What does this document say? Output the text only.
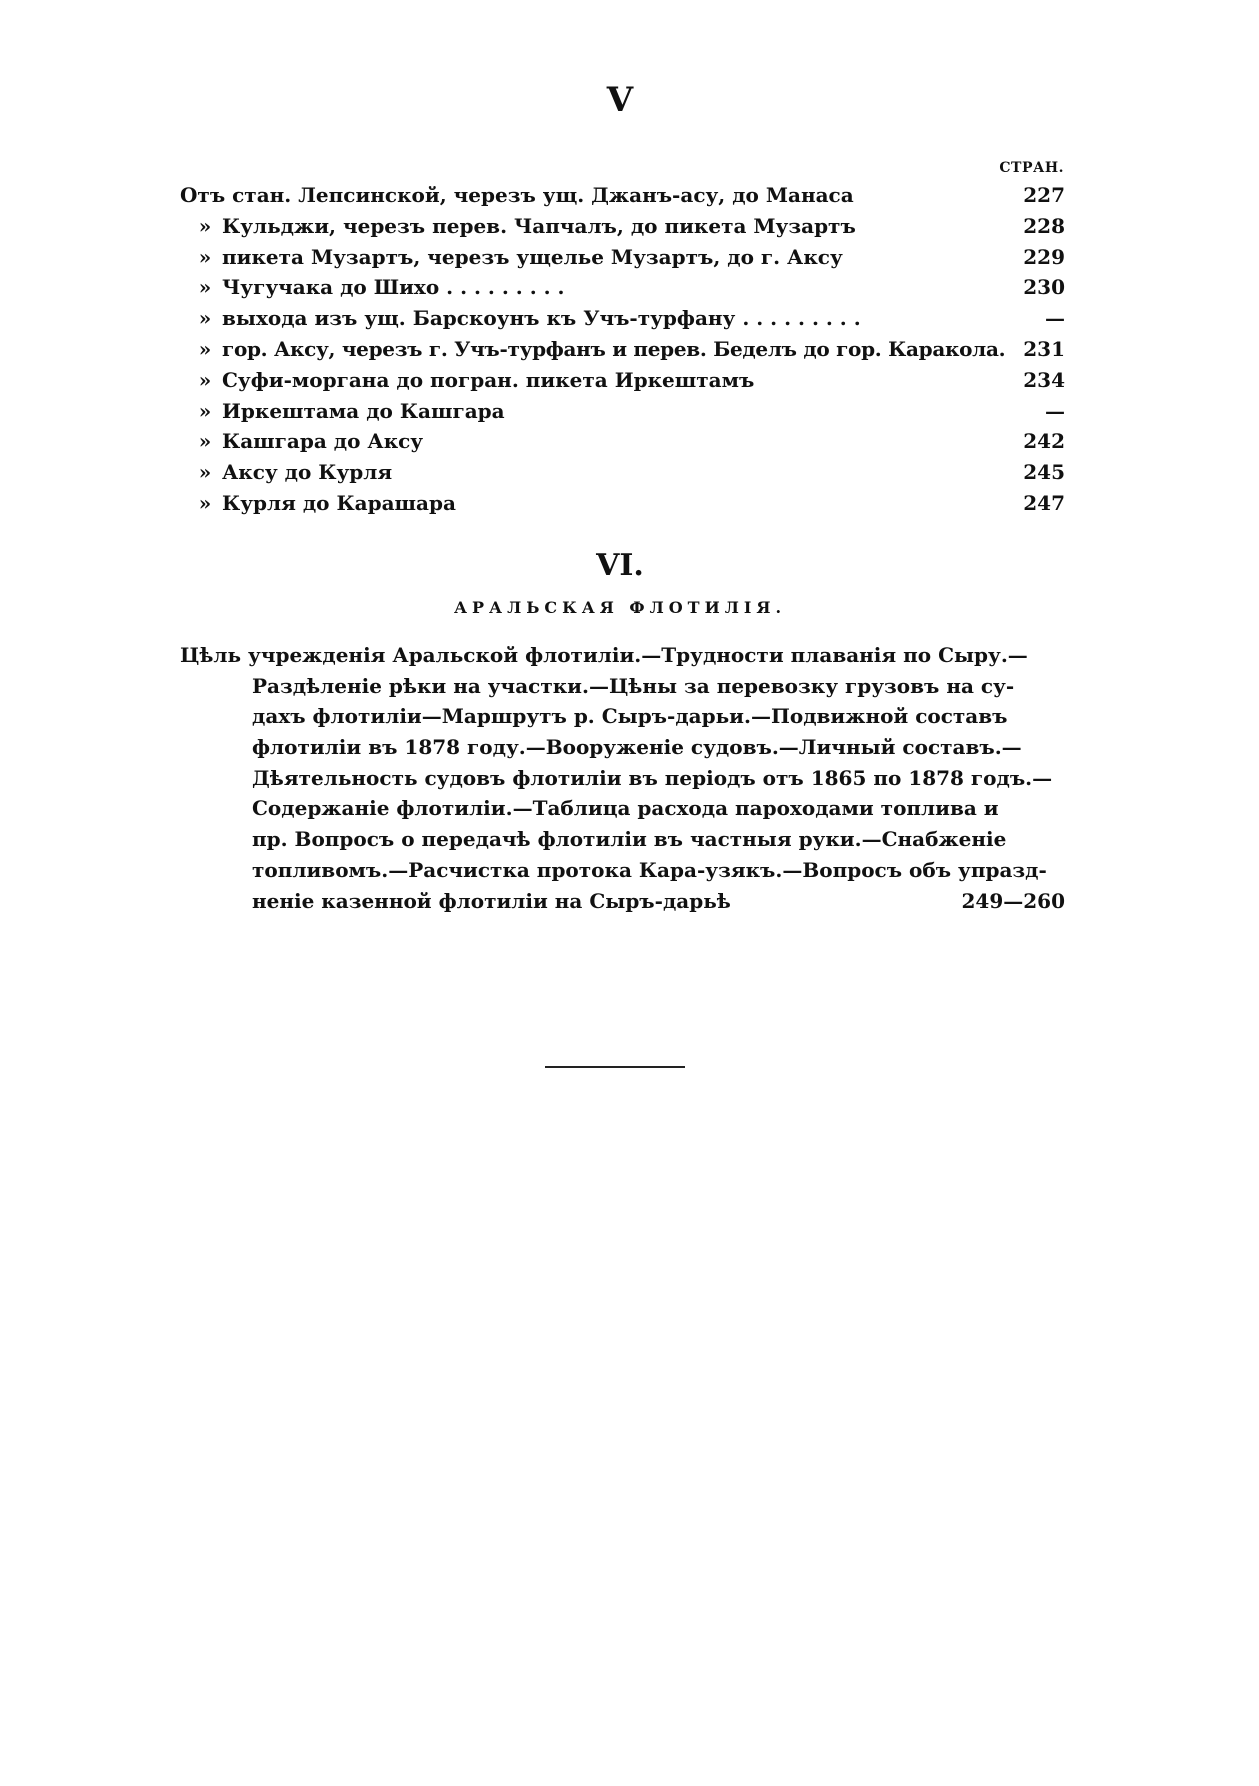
V
СТРАН.
Отъ стан. Лепсинской, черезъ ущ. Джанъ-асу, до Манаса	227
» Кульджи, черезъ перев. Чапчалъ, до пикета Музартъ	228
» пикета Музартъ, черезъ ущелье Музартъ, до г. Аксу	229
» Чугучака до Шихо . . . . . . . . .	230
» выхода изъ ущ. Барскоунъ къ Учъ-турфану . . . . . . . . .	—
» гор. Аксу, черезъ г. Учъ-турфанъ и перев. Беделъ до гор. Каракола. 231
» Суфи-моргана до погран. пикета Иркештамъ	234
» Иркештама до Кашгара	—
» Кашгара до Аксу	242
» Аксу до Курля	245
» Курля до Карашара	247
VI.
АРАЛЬСКАЯ ФЛОТИЛІЯ.
Цѣль учрежденія Аральской флотиліи.—Трудности плаванія по Сыру.—
Раздѣленіе рѣки на участки.—Цѣны за перевозку грузовъ на су-
дахъ флотиліи—Маршрутъ р. Сыръ-дарьи.—Подвижной составъ
флотиліи въ 1878 году.—Вооруженіе судовъ.—Личный составъ.—
Дѣятельность судовъ флотиліи въ періодъ отъ 1865 по 1878 годъ.—
Содержаніе флотиліи.—Таблица расхода пароходами топлива и
пр. Вопросъ о передачѣ флотиліи въ частныя руки.—Снабженіе
топливомъ.—Расчистка протока Кара-узякъ.—Вопросъ объ упразд-
неніе казенной флотиліи на Сыръ-дарьѣ	249—260
